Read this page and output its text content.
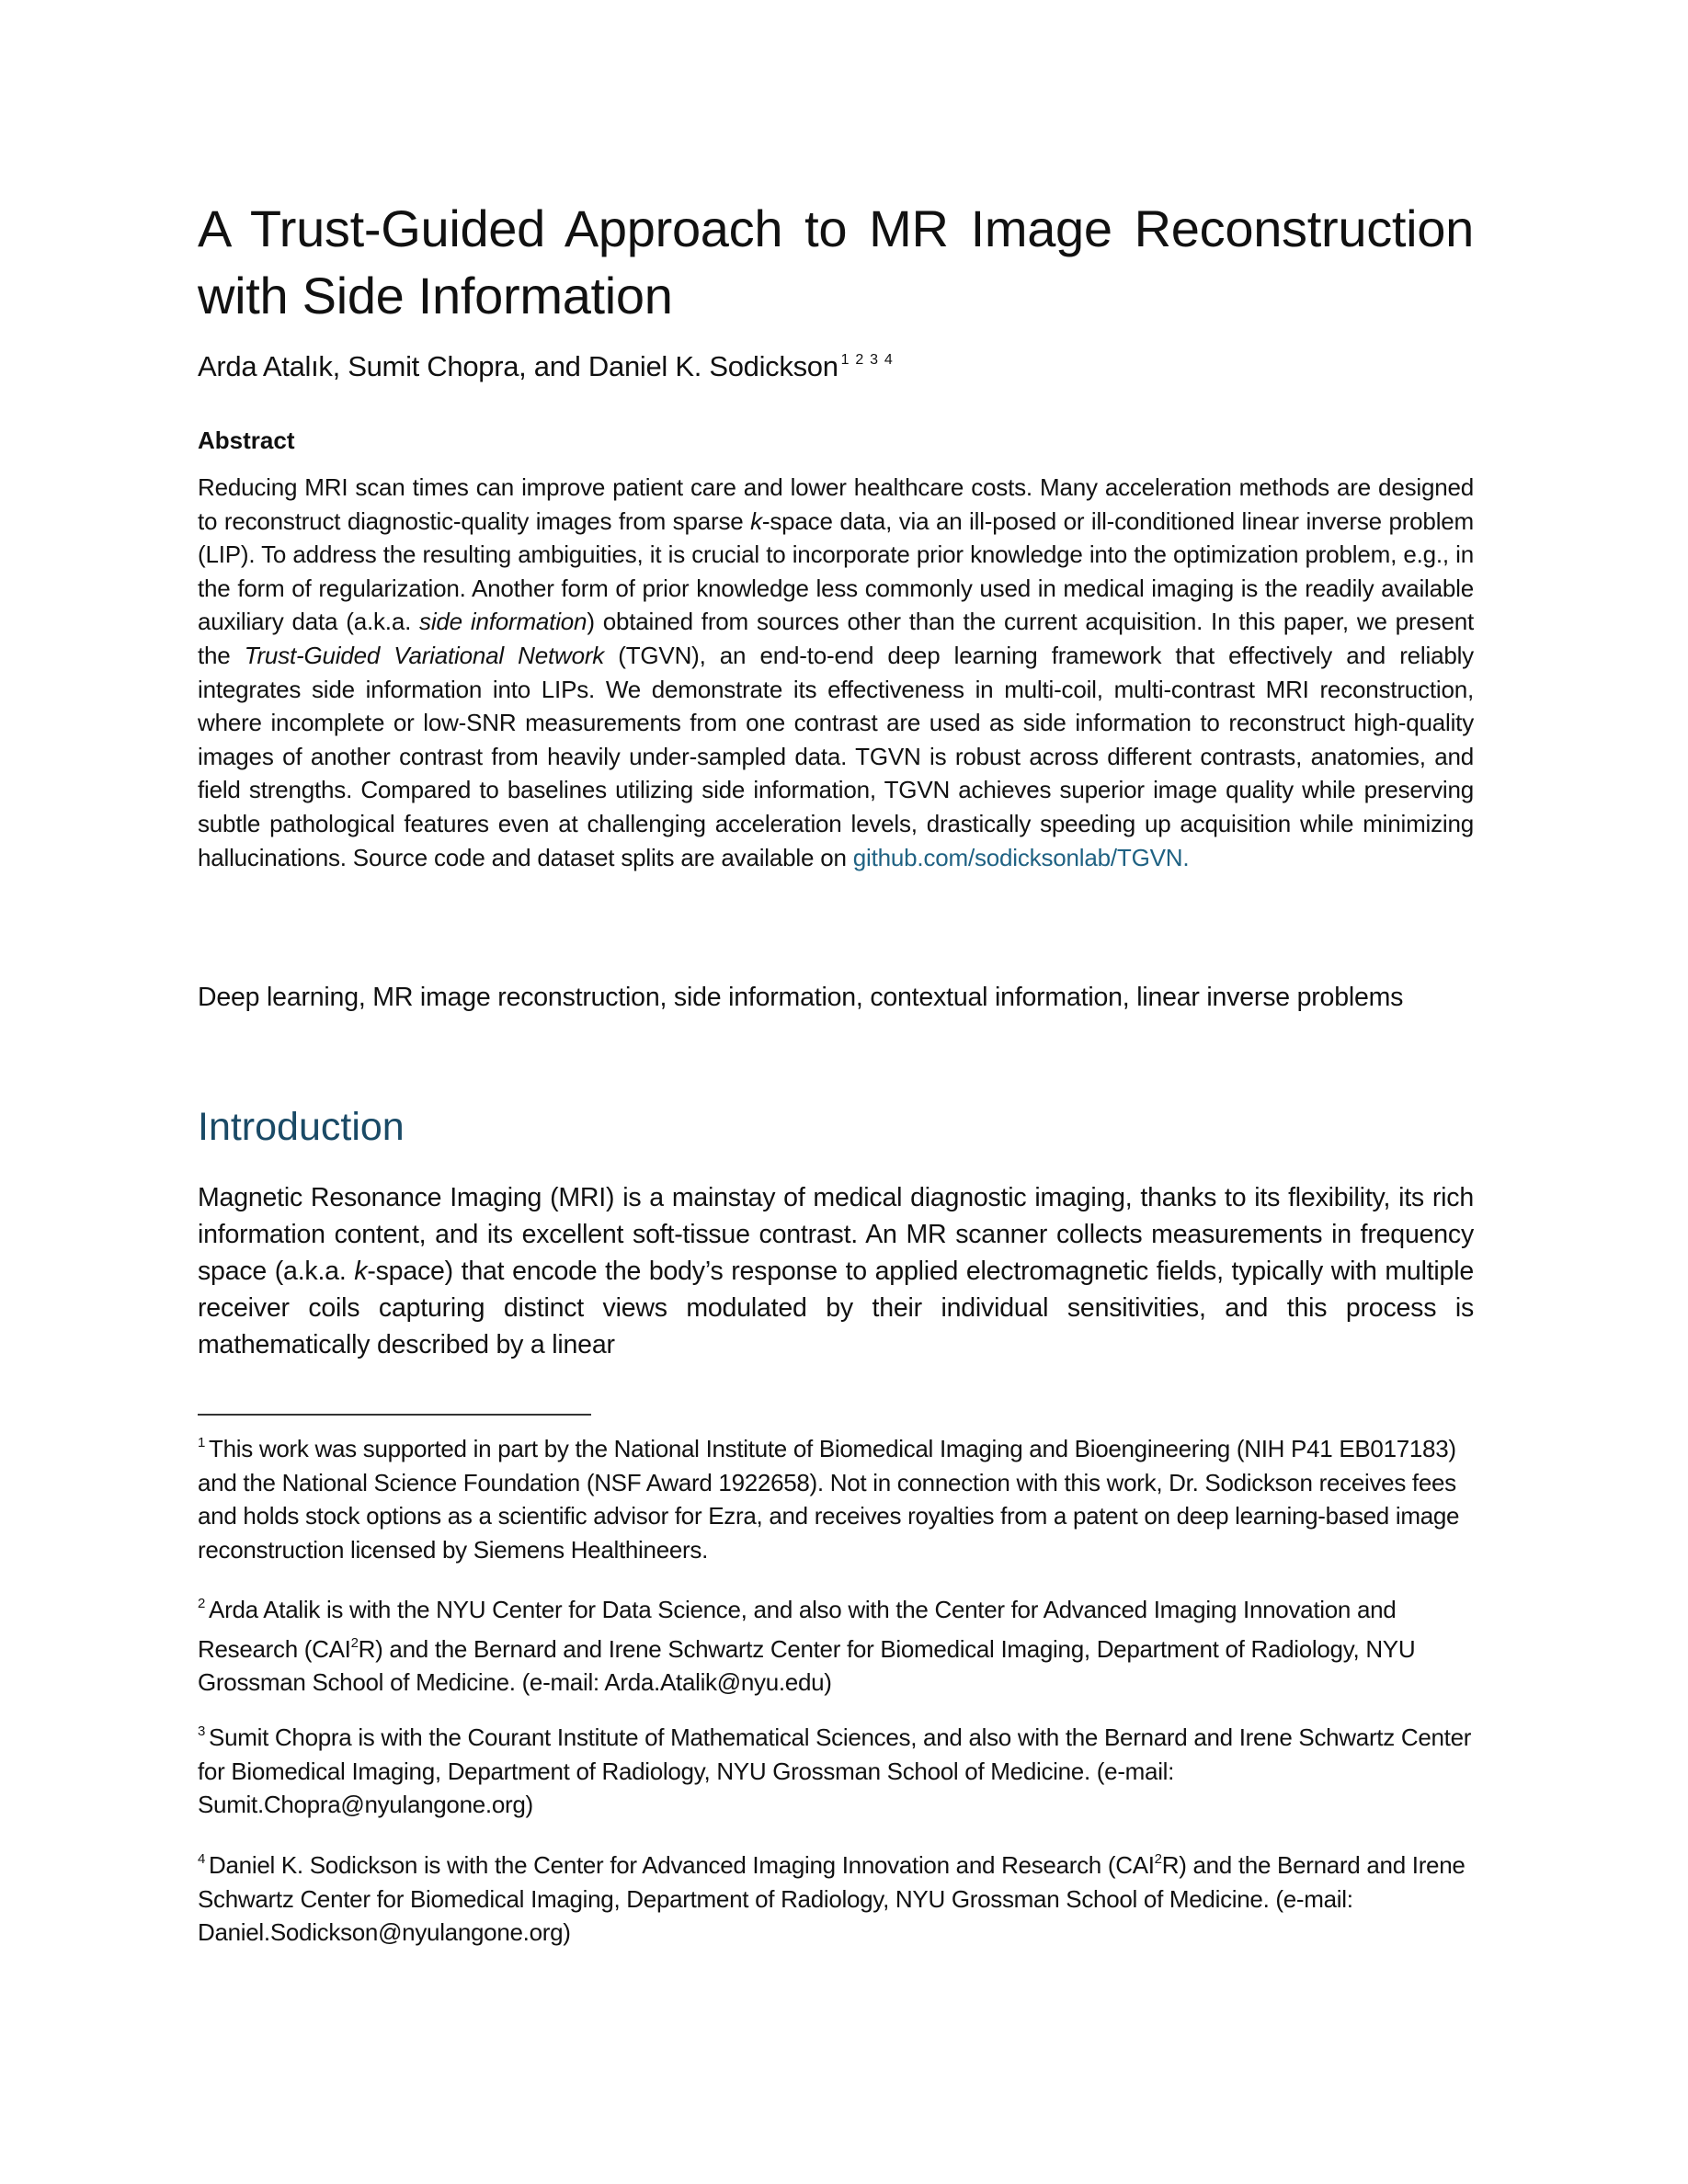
A Trust-Guided Approach to MR Image Reconstruction with Side Information
Arda Atalık, Sumit Chopra, and Daniel K. Sodickson $^{1 2 3 4}$
Abstract

Reducing MRI scan times can improve patient care and lower healthcare costs. Many acceleration methods are designed to reconstruct diagnostic-quality images from sparse k-space data, via an ill-posed or ill-conditioned linear inverse problem (LIP). To address the resulting ambiguities, it is crucial to incorporate prior knowledge into the optimization problem, e.g., in the form of regularization. Another form of prior knowledge less commonly used in medical imaging is the readily available auxiliary data (a.k.a. side information) obtained from sources other than the current acquisition. In this paper, we present the Trust-Guided Variational Network (TGVN), an end-to-end deep learning framework that effectively and reliably integrates side information into LIPs. We demonstrate its effectiveness in multi-coil, multi-contrast MRI reconstruction, where incomplete or low-SNR measurements from one contrast are used as side information to reconstruct high-quality images of another contrast from heavily under-sampled data. TGVN is robust across different contrasts, anatomies, and field strengths. Compared to baselines utilizing side information, TGVN achieves superior image quality while preserving subtle pathological features even at challenging acceleration levels, drastically speeding up acquisition while minimizing hallucinations. Source code and dataset splits are available on github.com/sodicksonlab/TGVN.

Deep learning, MR image reconstruction, side information, contextual information, linear inverse problems

Introduction

Magnetic Resonance Imaging (MRI) is a mainstay of medical diagnostic imaging, thanks to its flexibility, its rich information content, and its excellent soft-tissue contrast. An MR scanner collects measurements in frequency space (a.k.a. k-space) that encode the body’s response to applied electromagnetic fields, typically with multiple receiver coils capturing distinct views modulated by their individual sensitivities, and this process is mathematically described by a linear

$^1$ This work was supported in part by the National Institute of Biomedical Imaging and Bioengineering (NIH P41 EB017183) and the National Science Foundation (NSF Award 1922658). Not in connection with this work, Dr. Sodickson receives fees and holds stock options as a scientific advisor for Ezra, and receives royalties from a patent on deep learning-based image reconstruction licensed by Siemens Healthineers.

$^2$ Arda Atalik is with the NYU Center for Data Science, and also with the Center for Advanced Imaging Innovation and Research (CAI$^2$R) and the Bernard and Irene Schwartz Center for Biomedical Imaging, Department of Radiology, NYU Grossman School of Medicine. (e-mail: Arda.Atalik@nyu.edu)

$^3$ Sumit Chopra is with the Courant Institute of Mathematical Sciences, and also with the Bernard and Irene Schwartz Center for Biomedical Imaging, Department of Radiology, NYU Grossman School of Medicine. (e-mail: Sumit.Chopra@nyulangone.org)

$^4$ Daniel K. Sodickson is with the Center for Advanced Imaging Innovation and Research (CAI$^2$R) and the Bernard and Irene Schwartz Center for Biomedical Imaging, Department of Radiology, NYU Grossman School of Medicine. (e-mail: Daniel.Sodickson@nyulangone.org)
